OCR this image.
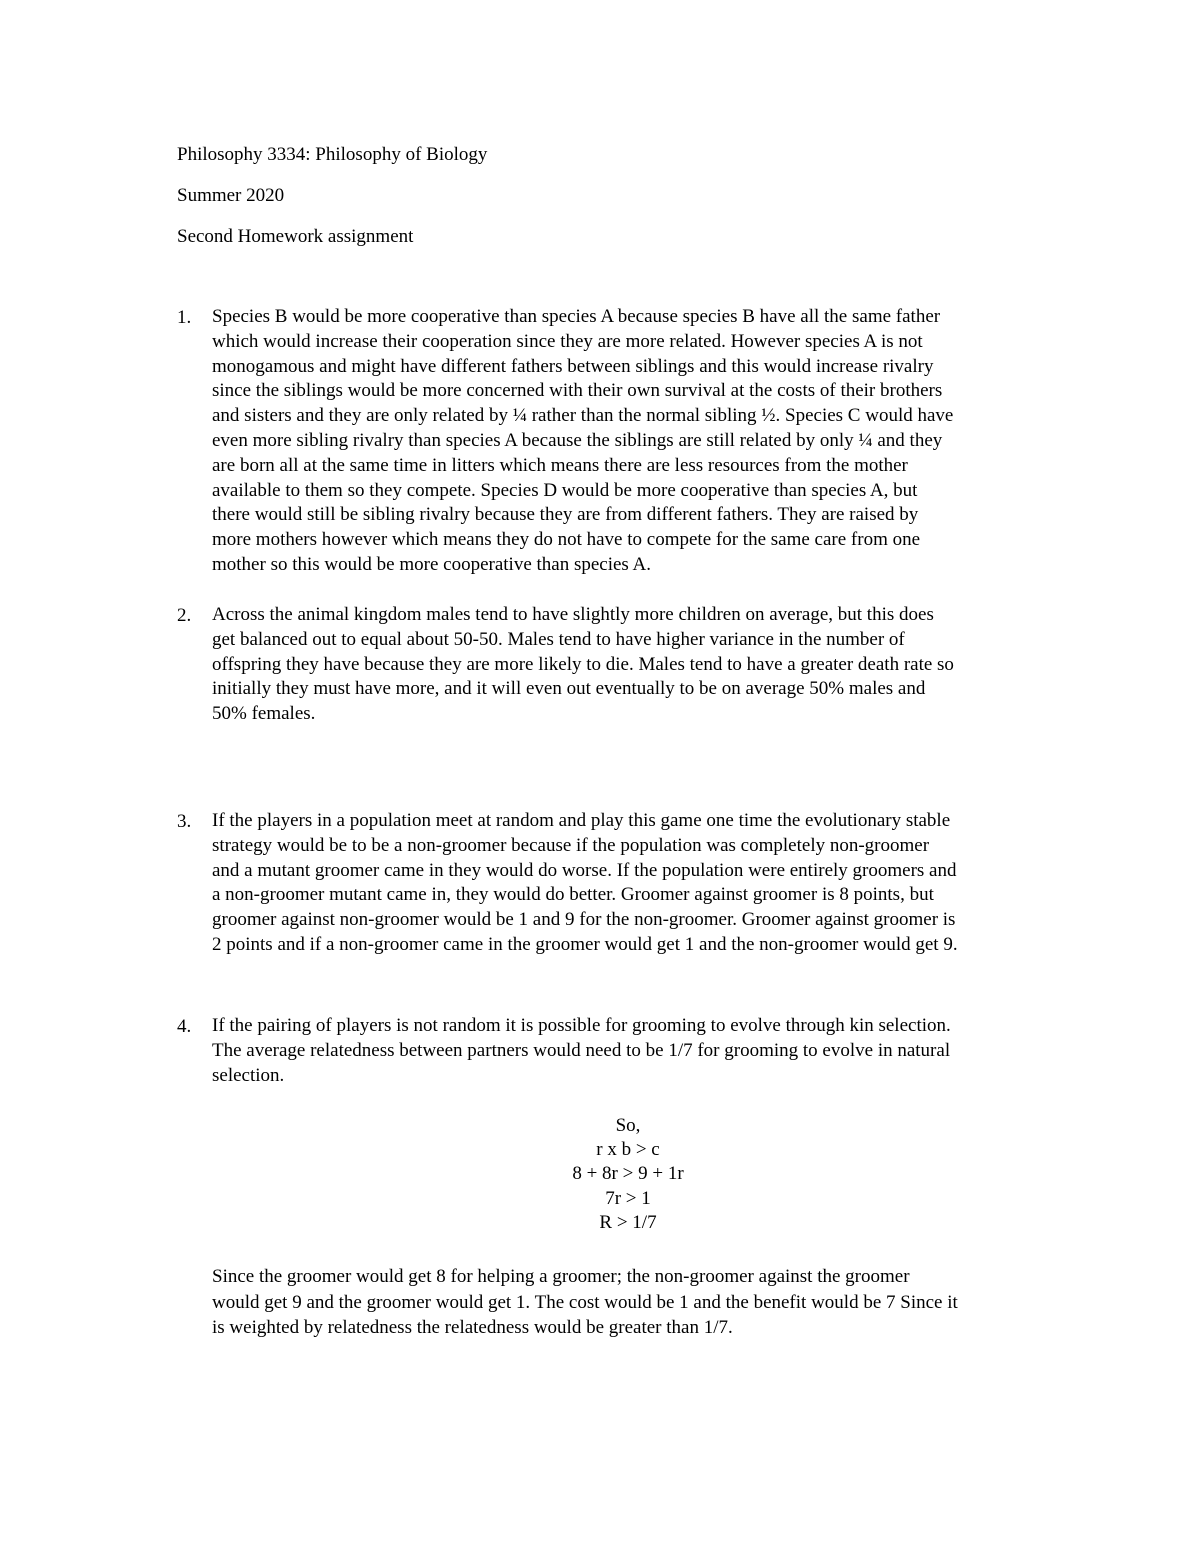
Philosophy 3334: Philosophy of Biology
Summer 2020
Second Homework assignment
1. Species B would be more cooperative than species A because species B have all the same father
which would increase their cooperation since they are more related. However species A is not
monogamous and might have different fathers between siblings and this would increase rivalry
since the siblings would be more concerned with their own survival at the costs of their brothers
and sisters and they are only related by ¼ rather than the normal sibling ½. Species C would have
even more sibling rivalry than species A because the siblings are still related by only ¼ and they
are born all at the same time in litters which means there are less resources from the mother
available to them so they compete. Species D would be more cooperative than species A, but
there would still be sibling rivalry because they are from different fathers. They are raised by
more mothers however which means they do not have to compete for the same care from one
mother so this would be more cooperative than species A.
2. Across the animal kingdom males tend to have slightly more children on average, but this does
get balanced out to equal about 50-50. Males tend to have higher variance in the number of
offspring they have because they are more likely to die. Males tend to have a greater death rate so
initially they must have more, and it will even out eventually to be on average 50% males and
50% females.
3. If the players in a population meet at random and play this game one time the evolutionary stable
strategy would be to be a non-groomer because if the population was completely non-groomer
and a mutant groomer came in they would do worse. If the population were entirely groomers and
a non-groomer mutant came in, they would do better. Groomer against groomer is 8 points, but
groomer against non-groomer would be 1 and 9 for the non-groomer. Groomer against groomer is
2 points and if a non-groomer came in the groomer would get 1 and the non-groomer would get 9.
4. If the pairing of players is not random it is possible for grooming to evolve through kin selection.
The average relatedness between partners would need to be 1/7 for grooming to evolve in natural
selection.
So,
r x b > c
8 + 8r > 9 + 1r
7r > 1
R > 1/7
Since the groomer would get 8 for helping a groomer; the non-groomer against the groomer
would get 9 and the groomer would get 1. The cost would be 1 and the benefit would be 7 Since it
is weighted by relatedness the relatedness would be greater than 1/7.
